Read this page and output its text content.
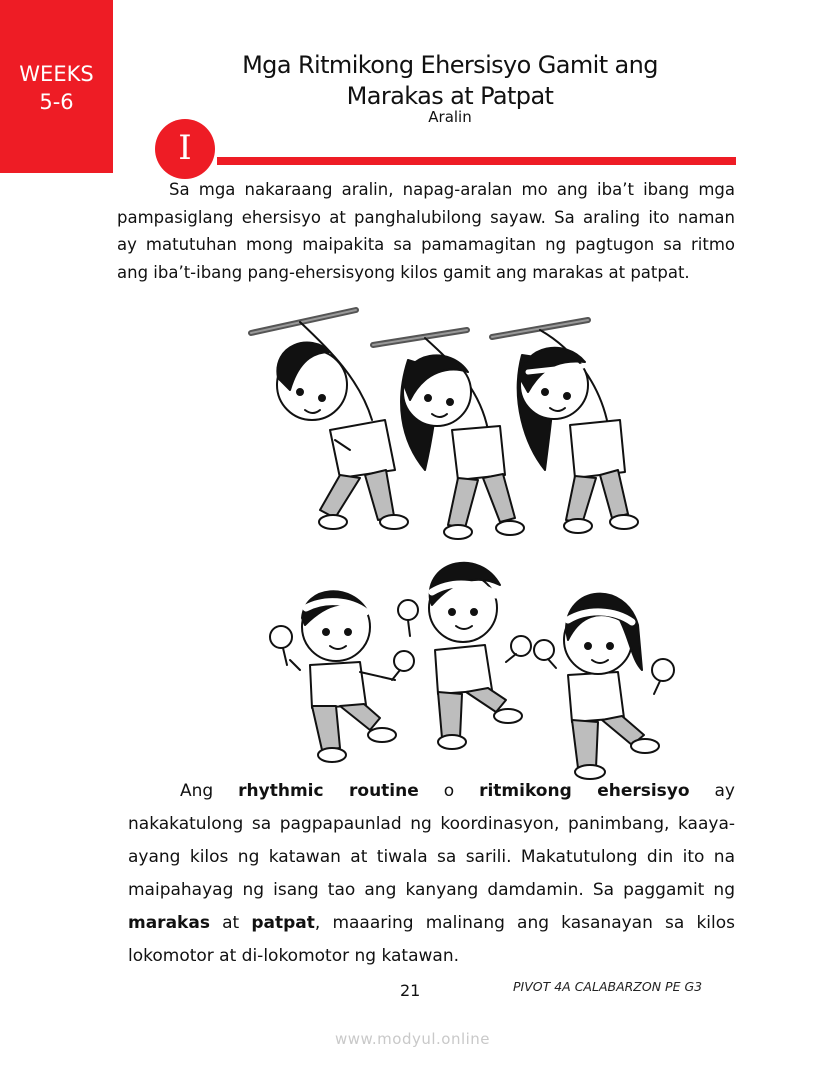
WEEKS
5-6
Mga Ritmikong Ehersisyo Gamit ang
Marakas at Patpat
Aralin
I
Sa mga nakaraang aralin, napag-aralan mo ang iba’t ibang mga pampasiglang ehersisyo at panghalubilong sayaw. Sa araling ito naman ay matutuhan mong maipakita sa pamamagitan ng pagtugon sa ritmo ang iba’t-ibang pang-ehersisyong kilos gamit ang marakas at patpat.
Ang rhythmic routine o ritmikong ehersisyo ay nakakatulong sa pagpapaunlad ng koordinasyon, panimbang, kaaya-ayang kilos ng katawan at tiwala sa sarili. Makatutulong din ito na maipahayag ng isang tao ang kanyang damdamin. Sa paggamit ng marakas at patpat, maaaring malinang ang kasanayan sa kilos lokomotor at di-lokomotor ng katawan.
21	PIVOT 4A CALABARZON PE G3
www.modyul.online
